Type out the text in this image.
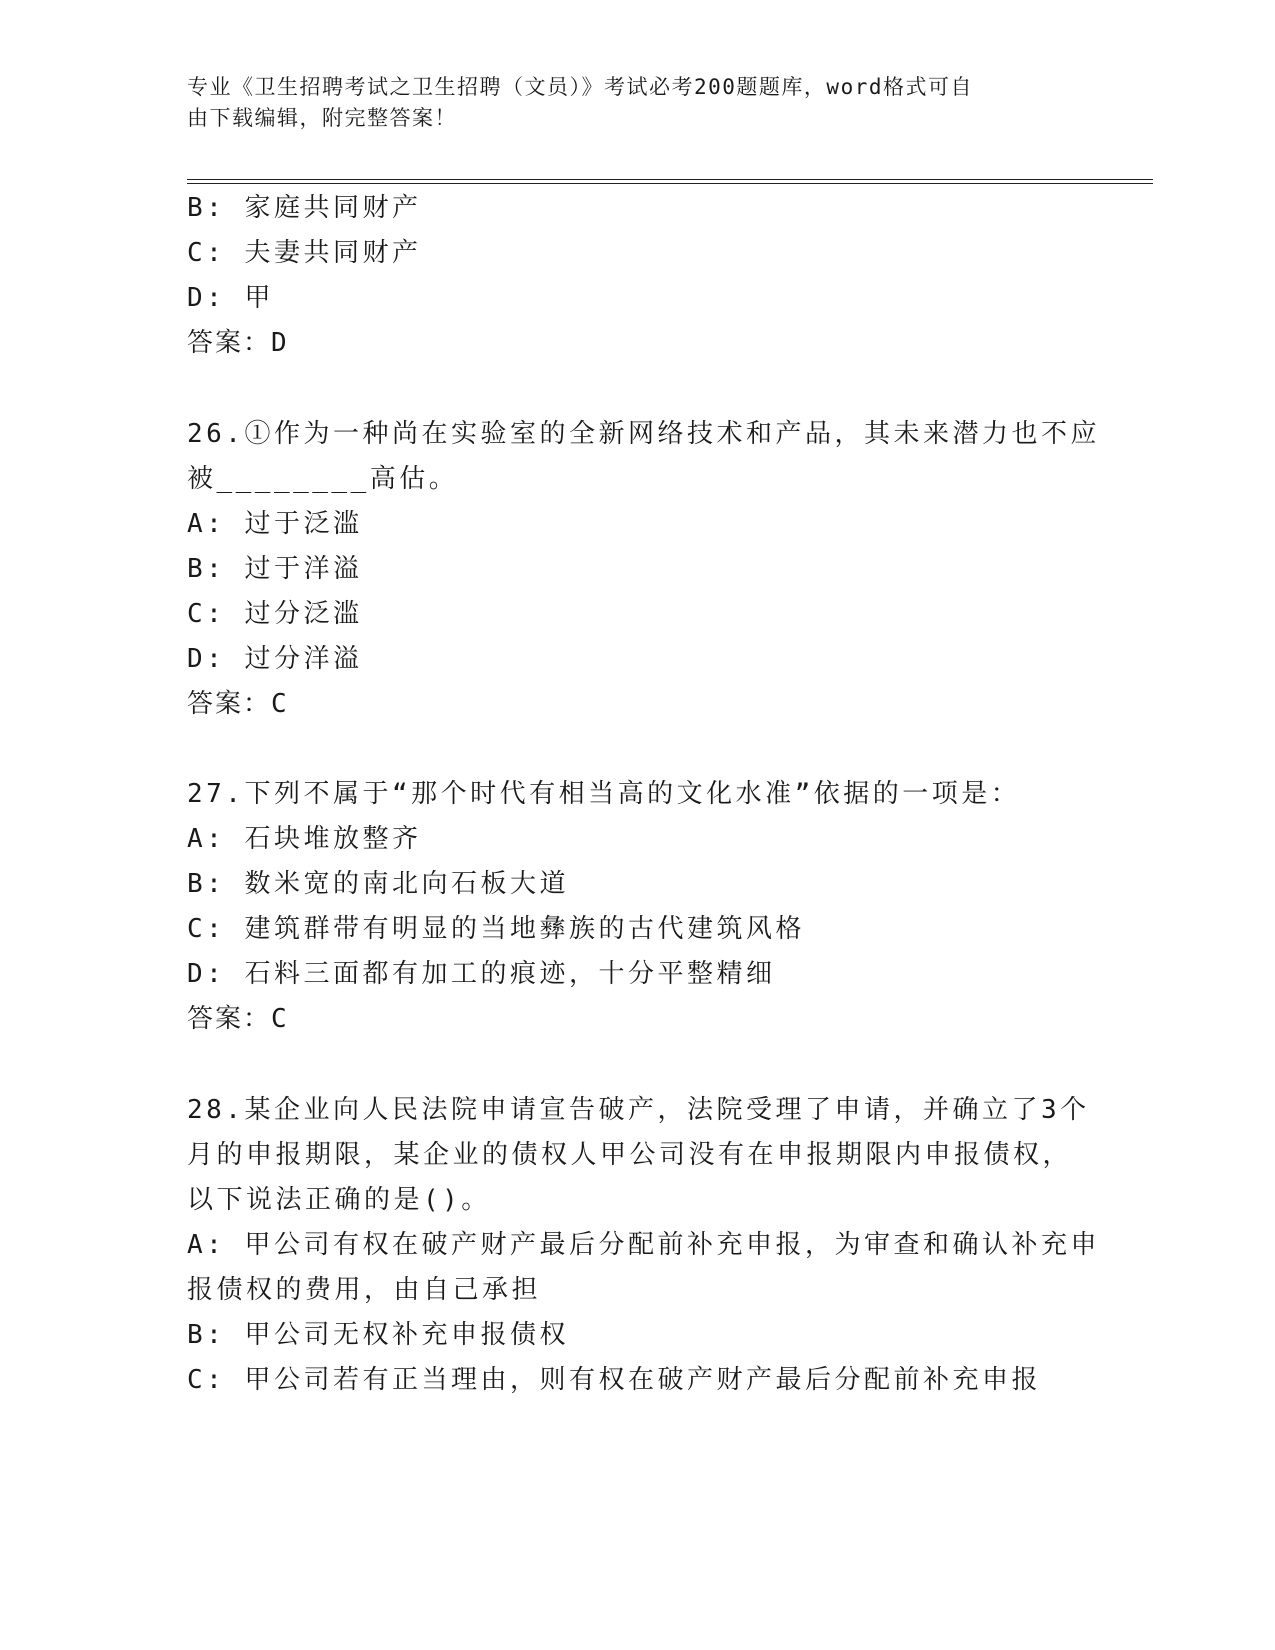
专业《卫生招聘考试之卫生招聘（文员）》考试必考200题题库，word格式可自
由下载编辑，附完整答案！
B: 家庭共同财产
C: 夫妻共同财产
D: 甲
答案：D
26.①作为一种尚在实验室的全新网络技术和产品，其未来潜力也不应
被________高估。
A: 过于泛滥
B: 过于洋溢
C: 过分泛滥
D: 过分洋溢
答案：C
27.下列不属于“那个时代有相当高的文化水准”依据的一项是：
A: 石块堆放整齐
B: 数米宽的南北向石板大道
C: 建筑群带有明显的当地彝族的古代建筑风格
D: 石料三面都有加工的痕迹，十分平整精细
答案：C
28.某企业向人民法院申请宣告破产，法院受理了申请，并确立了3个
月的申报期限，某企业的债权人甲公司没有在申报期限内申报债权，
以下说法正确的是()。
A: 甲公司有权在破产财产最后分配前补充申报，为审查和确认补充申
报债权的费用，由自己承担
B: 甲公司无权补充申报债权
C: 甲公司若有正当理由，则有权在破产财产最后分配前补充申报
